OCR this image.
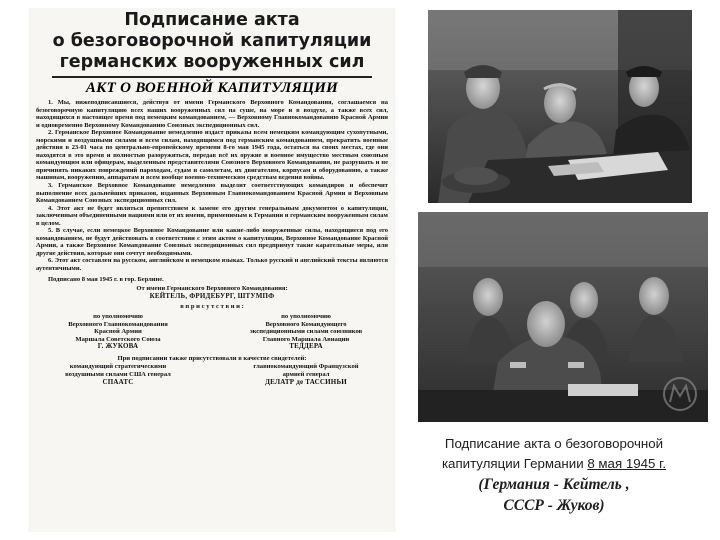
Подписание акта
о безоговорочной капитуляции
германских вооруженных сил
АКТ О ВОЕННОЙ КАПИТУЛЯЦИИ

1. Мы, нижеподписавшиеся, действуя от имени Германского Верховного Командования, соглашаемся на безоговорочную капитуляцию всех наших вооруженных сил на суше, на море и в воздухе, а также всех сил, находящихся в настоящее время под немецким командованием, — Верховному Главнокомандованию Красной Армии и одновременно Верховному Командованию Союзных экспедиционных сил.

2. Германское Верховное Командование немедленно издаст приказы всем немецким командующим сухопутными, морскими и воздушными силами и всем силам, находящимся под германским командованием, прекратить военные действия в 23-01 часа по центрально-европейскому времени 8-го мая 1945 года, остаться на своих местах, где они находятся в это время и полностью разоружиться, передав всё их оружие и военное имущество местным союзным командующим или офицерам, выделенным представителями Союзного Верховного Командования, не разрушать и не причинять никаких повреждений пароходам, судам и самолетам, их двигателям, корпусам и оборудованию, а также машинам, вооружению, аппаратам и всем вообще военно-техническим средствам ведения войны.

3. Германское Верховное Командование немедленно выделит соответствующих командиров и обеспечит выполнение всех дальнейших приказов, изданных Верховным Главнокомандованием Красной Армии и Верховным Командованием Союзных экспедиционных сил.

4. Этот акт не будет являться препятствием к замене его другим генеральным документом о капитуляции, заключенным объединенными нациями или от их имени, применимым к Германии и германским вооруженным силам в целом.

5. В случае, если немецкое Верховное Командование или какие-либо вооруженные силы, находящиеся под его командованием, не будут действовать в соответствии с этим актом о капитуляции, Верховное Командование Красной Армии, а также Верховное Командование Союзных экспедиционных сил предпримут такие карательные меры, или другие действия, которые они сочтут необходимыми.

6. Этот акт составлен на русском, английском и немецком языках. Только русский и английский тексты являются аутентичными.

Подписано 8 мая 1945 г. в гор. Берлине.

От имени Германского Верховного Командования:
КЕЙТЕЛЬ, ФРИДЕБУРГ, ШТУМПФ
в п р и с у т с т в и и :
по уполномочию
Верховного Главнокомандования
Красной Армии
Маршала Советского Союза
Г. ЖУКОВА
по уполномочию
Верховного Командующего
экспедиционными силами союзников
Главного Маршала Авиации
ТЕДДЕРА
При подписании также присутствовали в качестве свидетелей:
командующий стратегическими
воздушными силами США генерал
СПААТС
главнокомандующий Французской
армией генерал
ДЕЛАТР де ТАССИНЬИ
Подписание акта о безоговорочной
капитуляции Германии 8 мая 1945 г.
(Германия - Кейтель ,
СССР - Жуков)
